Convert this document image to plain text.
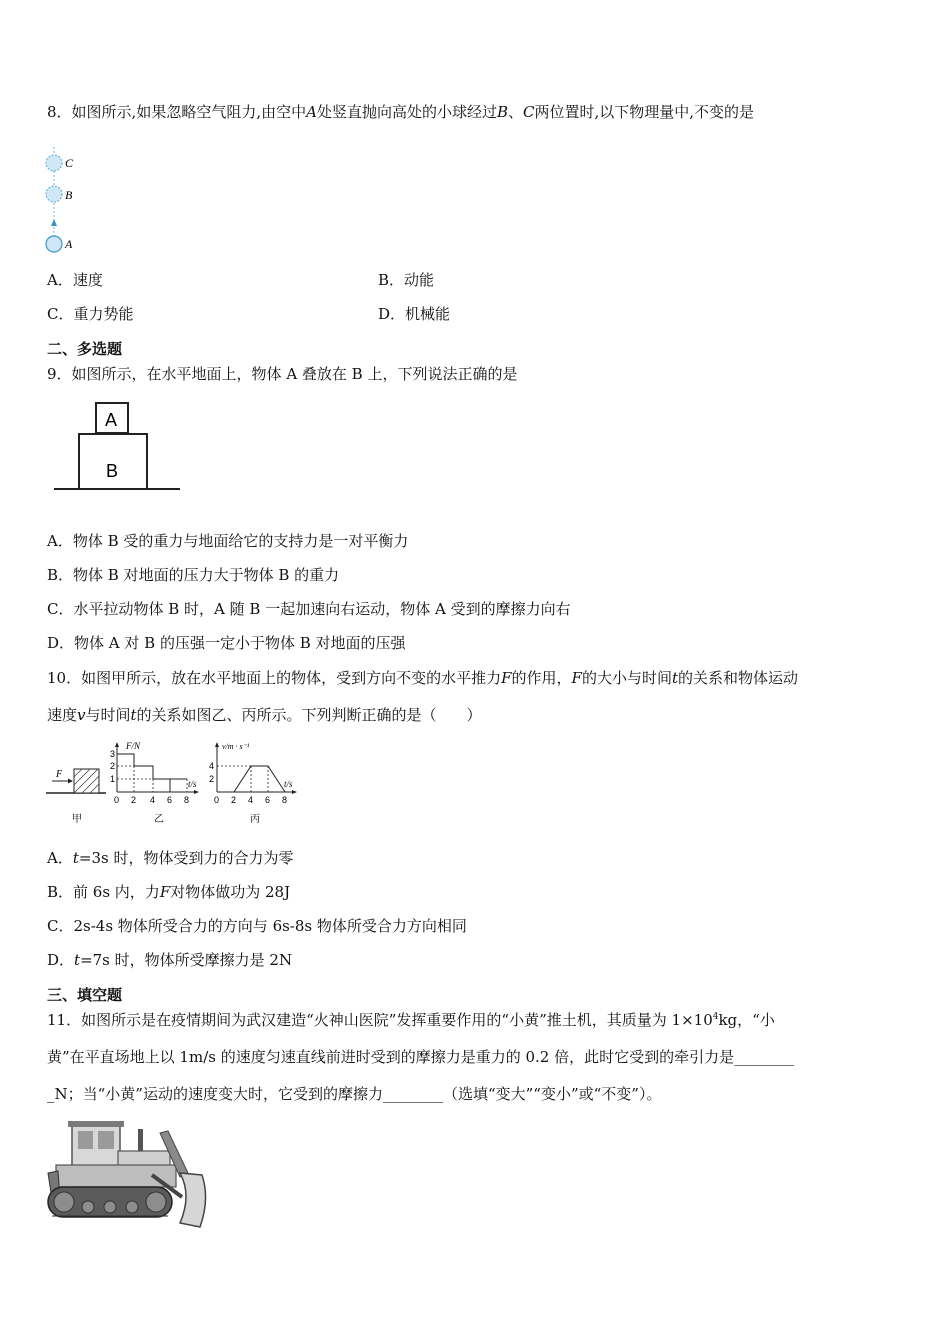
8．如图所示,如果忽略空气阻力,由空中A处竖直抛向高处的小球经过B、C两位置时,以下物理量中,不变的是
C
B
A
A．速度	B．动能
C．重力势能	D．机械能
二、多选题
9．如图所示，在水平地面上，物体 A 叠放在 B 上，下列说法正确的是
A
B
A．物体 B 受的重力与地面给它的支持力是一对平衡力
B．物体 B 对地面的压力大于物体 B 的重力
C．水平拉动物体 B 时，A 随 B 一起加速向右运动，物体 A 受到的摩擦力向右
D．物体 A 对 B 的压强一定小于物体 B 对地面的压强
10．如图甲所示，放在水平地面上的物体，受到方向不变的水平推力F的作用，F的大小与时间t的关系和物体运动
速度v与时间t的关系如图乙、丙所示。下列判断正确的是（　　）
F
甲
F/N
t/s
3
2
1
0 2 4 6 8
乙
v/m · s⁻¹
t/s
4
2
0 2 4 6 8
丙
A．t=3s 时，物体受到力的合力为零
B．前 6s 内，力F对物体做功为 28J
C．2s-4s 物体所受合力的方向与 6s-8s 物体所受合力方向相同
D．t=7s 时，物体所受摩擦力是 2N
三、填空题
11．如图所示是在疫情期间为武汉建造“火神山医院”发挥重要作用的“小黄”推土机，其质量为 $1\times 10^4kg$，“小
黄”在平直场地上以 1m/s 的速度匀速直线前进时受到的摩擦力是重力的 0.2 倍，此时它受到的牵引力是________
_N；当“小黄”运动的速度变大时，它受到的摩擦力________（选填“变大”“变小”或“不变”）。
